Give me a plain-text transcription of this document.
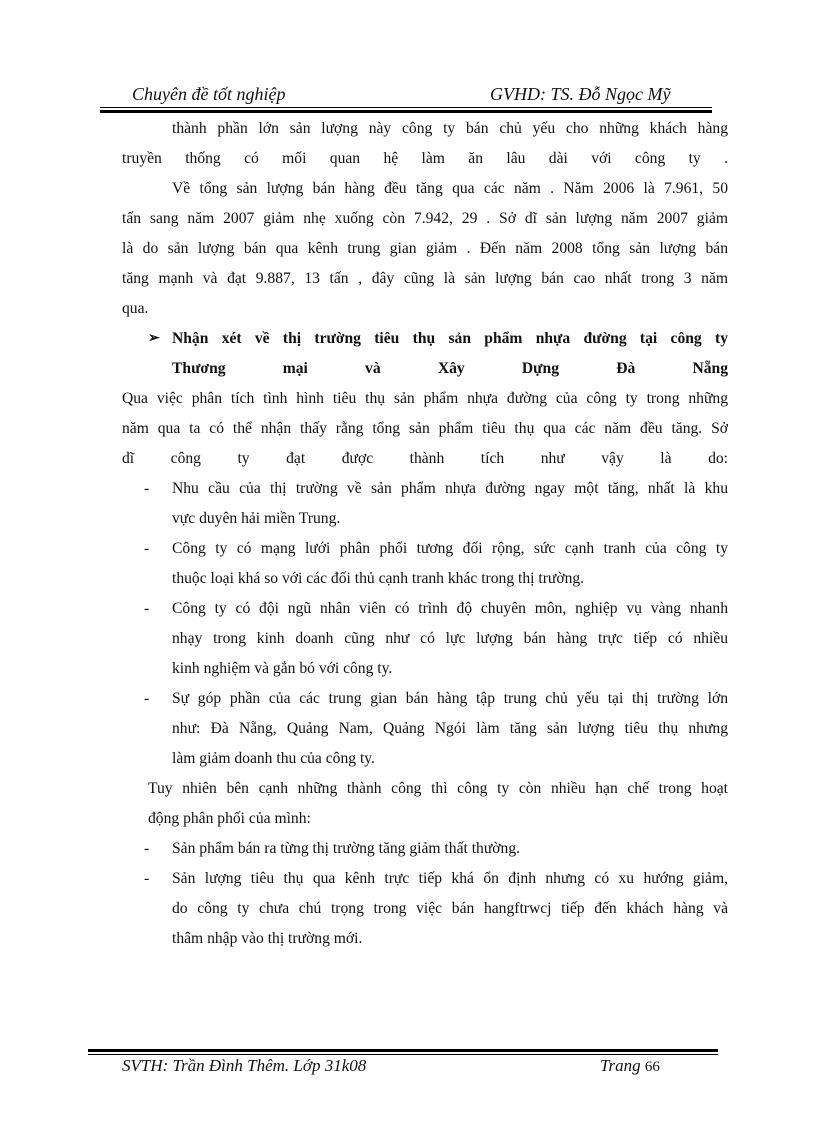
Chuyên đề tốt nghiệp	GVHD: TS. Đỗ Ngọc Mỹ
thành phần lớn sản lượng này công ty bán chủ yếu cho những khách hàng
truyền thống có mối quan hệ làm ăn lâu dài với công ty .
Về tổng sản lượng bán hàng đều tăng qua các năm . Năm 2006 là 7.961, 50
tấn sang năm 2007 giảm nhẹ xuống còn 7.942, 29 . Sở dĩ sản lượng năm 2007 giảm
là do sản lượng bán qua kênh trung gian giảm . Đến năm 2008 tổng sản lượng bán
tăng mạnh và đạt 9.887, 13 tấn , đây cũng là sản lượng bán cao nhất trong 3 năm
qua.
➢ Nhận xét về thị trường tiêu thụ sản phẩm nhựa đường tại công ty
Thương mại và Xây Dựng Đà Nẵng
Qua việc phân tích tình hình tiêu thụ sản phẩm nhựa đường của công ty trong những
năm qua ta có thể nhận thấy rằng tổng sản phẩm tiêu thụ qua các năm đều tăng. Sở
dĩ công ty đạt được thành tích như vậy là do:
- Nhu cầu của thị trường về sản phẩm nhựa đường ngay một tăng, nhất là khu
vực duyên hải miền Trung.
- Công ty có mạng lưới phân phối tương đối rộng, sức cạnh tranh của công ty
thuộc loại khá so với các đối thủ cạnh tranh khác trong thị trường.
- Công ty có đội ngũ nhân viên có trình độ chuyên môn, nghiệp vụ vàng nhanh
nhạy trong kinh doanh cũng như có lực lượng bán hàng trực tiếp có nhiều
kinh nghiệm và gắn bó với công ty.
- Sự góp phần của các trung gian bán hàng tập trung chủ yếu tại thị trường lớn
như: Đà Nẵng, Quảng Nam, Quảng Ngói làm tăng sản lượng tiêu thụ nhưng
làm giảm doanh thu của công ty.
Tuy nhiên bên cạnh những thành công thì công ty còn nhiều hạn chế trong hoạt
động phân phối của mình:
- Sản phẩm bán ra từng thị trường tăng giảm thất thường.
- Sản lượng tiêu thụ qua kênh trực tiếp khá ổn định nhưng có xu hướng giảm,
do công ty chưa chú trọng trong việc bán hangftrwcj tiếp đến khách hàng và
thâm nhập vào thị trường mới.
SVTH: Trần Đình Thêm. Lớp 31k08	Trang 66
